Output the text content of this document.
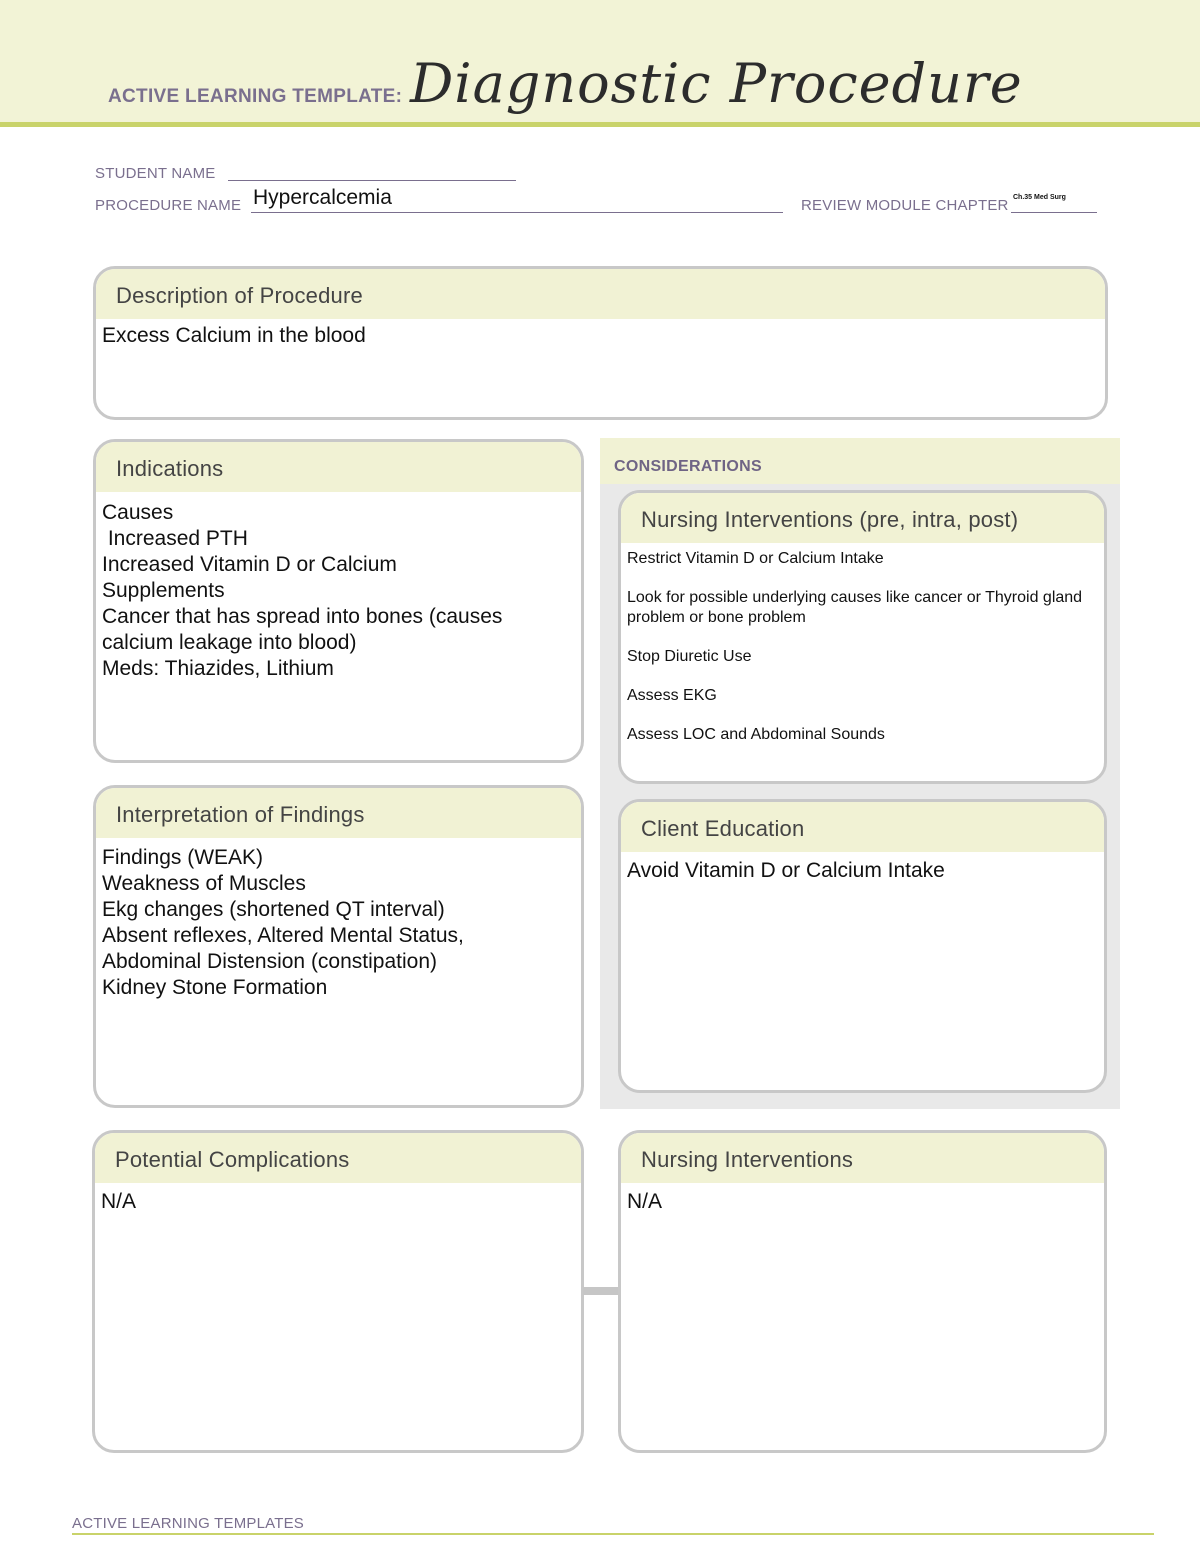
ACTIVE LEARNING TEMPLATE: Diagnostic Procedure
STUDENT NAME
PROCEDURE NAME Hypercalcemia	REVIEW MODULE CHAPTER Ch.35 Med Surg
Description of Procedure
Excess Calcium in the blood
Indications
Causes
Increased PTH
Increased Vitamin D or Calcium
Supplements
Cancer that has spread into bones (causes
calcium leakage into blood)
Meds: Thiazides, Lithium
CONSIDERATIONS
Nursing Interventions (pre, intra, post)
Restrict Vitamin D or Calcium Intake
Look for possible underlying causes like cancer or Thyroid gland problem or bone problem
Stop Diuretic Use
Assess EKG
Assess LOC and Abdominal Sounds
Client Education
Avoid Vitamin D or Calcium Intake
Interpretation of Findings
Findings (WEAK)
Weakness of Muscles
Ekg changes (shortened QT interval)
Absent reflexes, Altered Mental Status,
Abdominal Distension (constipation)
Kidney Stone Formation
Potential Complications
N/A
Nursing Interventions
N/A
ACTIVE LEARNING TEMPLATES
